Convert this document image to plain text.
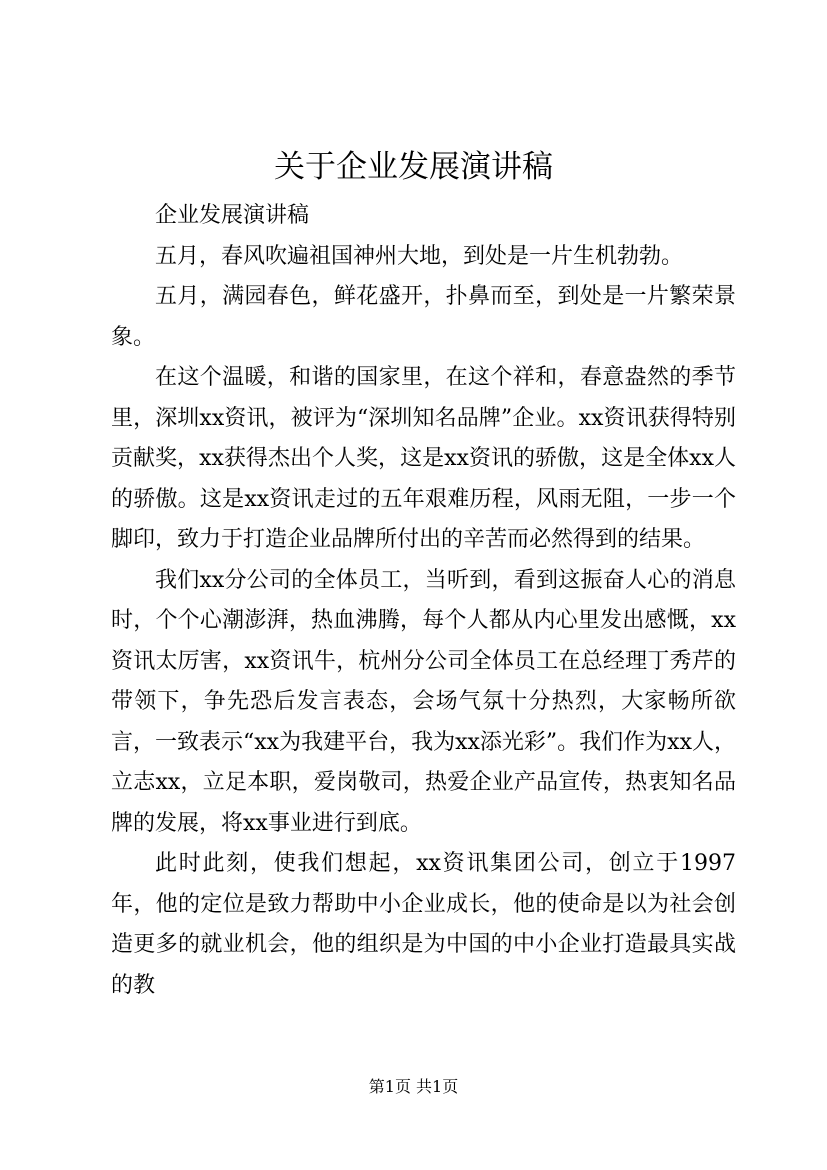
关于企业发展演讲稿

企业发展演讲稿

五月，春风吹遍祖国神州大地，到处是一片生机勃勃。

五月，满园春色，鲜花盛开，扑鼻而至，到处是一片繁荣景象。

在这个温暖，和谐的国家里，在这个祥和，春意盎然的季节里，深圳xx资讯，被评为“深圳知名品牌”企业。xx资讯获得特别贡献奖，xx获得杰出个人奖，这是xx资讯的骄傲，这是全体xx人的骄傲。这是xx资讯走过的五年艰难历程，风雨无阻，一步一个脚印，致力于打造企业品牌所付出的辛苦而必然得到的结果。

我们xx分公司的全体员工，当听到，看到这振奋人心的消息时，个个心潮澎湃，热血沸腾，每个人都从内心里发出感慨，xx资讯太厉害，xx资讯牛，杭州分公司全体员工在总经理丁秀芹的带领下，争先恐后发言表态，会场气氛十分热烈，大家畅所欲言，一致表示“xx为我建平台，我为xx添光彩”。我们作为xx人，立志xx，立足本职，爱岗敬司，热爱企业产品宣传，热衷知名品牌的发展，将xx事业进行到底。

此时此刻，使我们想起，xx资讯集团公司，创立于1997年，他的定位是致力帮助中小企业成长，他的使命是以为社会创造更多的就业机会，他的组织是为中国的中小企业打造最具实战的教

第1页 共1页
